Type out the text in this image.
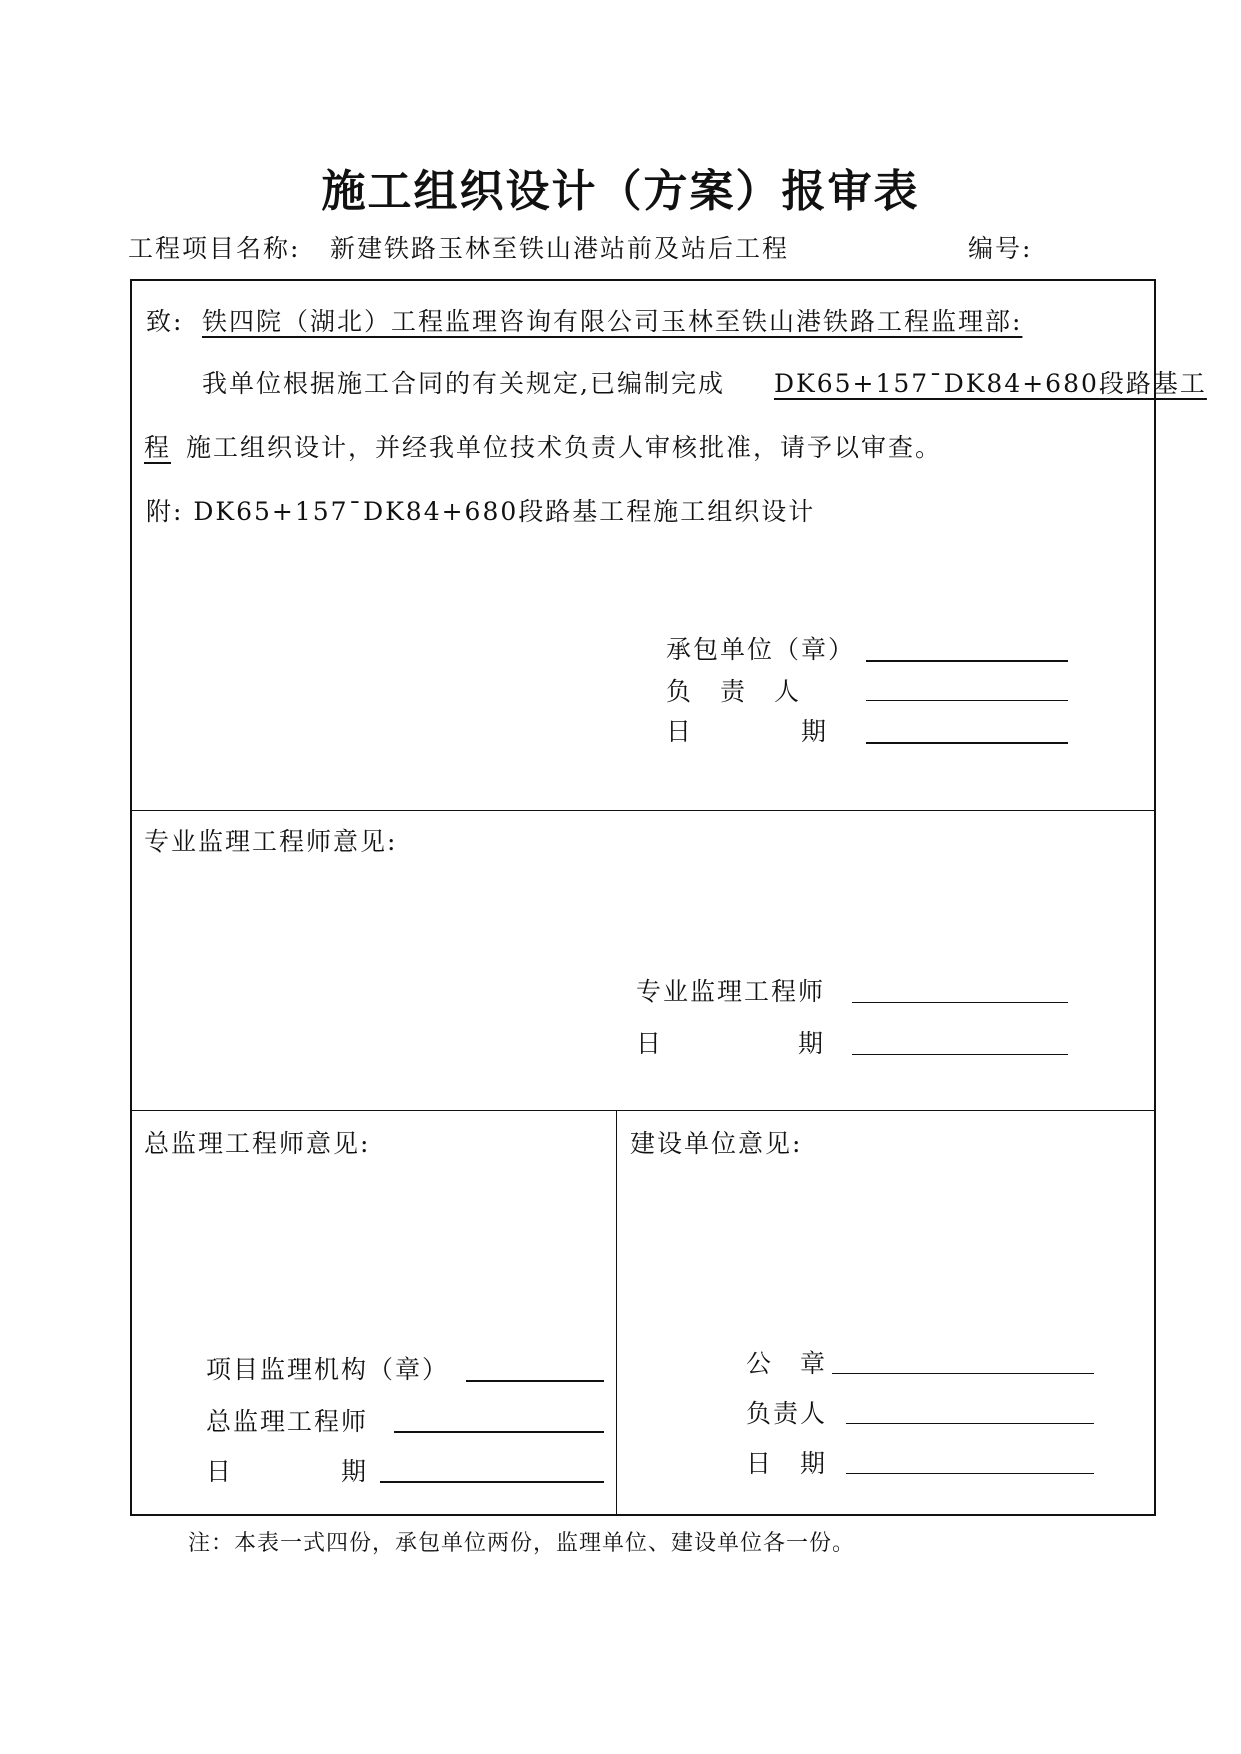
施工组织设计（方案）报审表
工程项目名称: 新建铁路玉林至铁山港站前及站后工程	编号:
致: 铁四院（湖北）工程监理咨询有限公司玉林至铁山港铁路工程监理部:
我单位根据施工合同的有关规定,已编制完成 DK65+157¯DK84+680段路基工
程 施工组织设计，并经我单位技术负责人审核批准，请予以审查。
附: DK65+157¯DK84+680段路基工程施工组织设计
承包单位（章）
负　责　人
日　　　　期
专业监理工程师意见:
专业监理工程师
日　　　　　期
总监理工程师意见:
项目监理机构（章）
总监理工程师
日　　　　期
建设单位意见:
公　章
负责人
日　期
注：本表一式四份，承包单位两份，监理单位、建设单位各一份。
